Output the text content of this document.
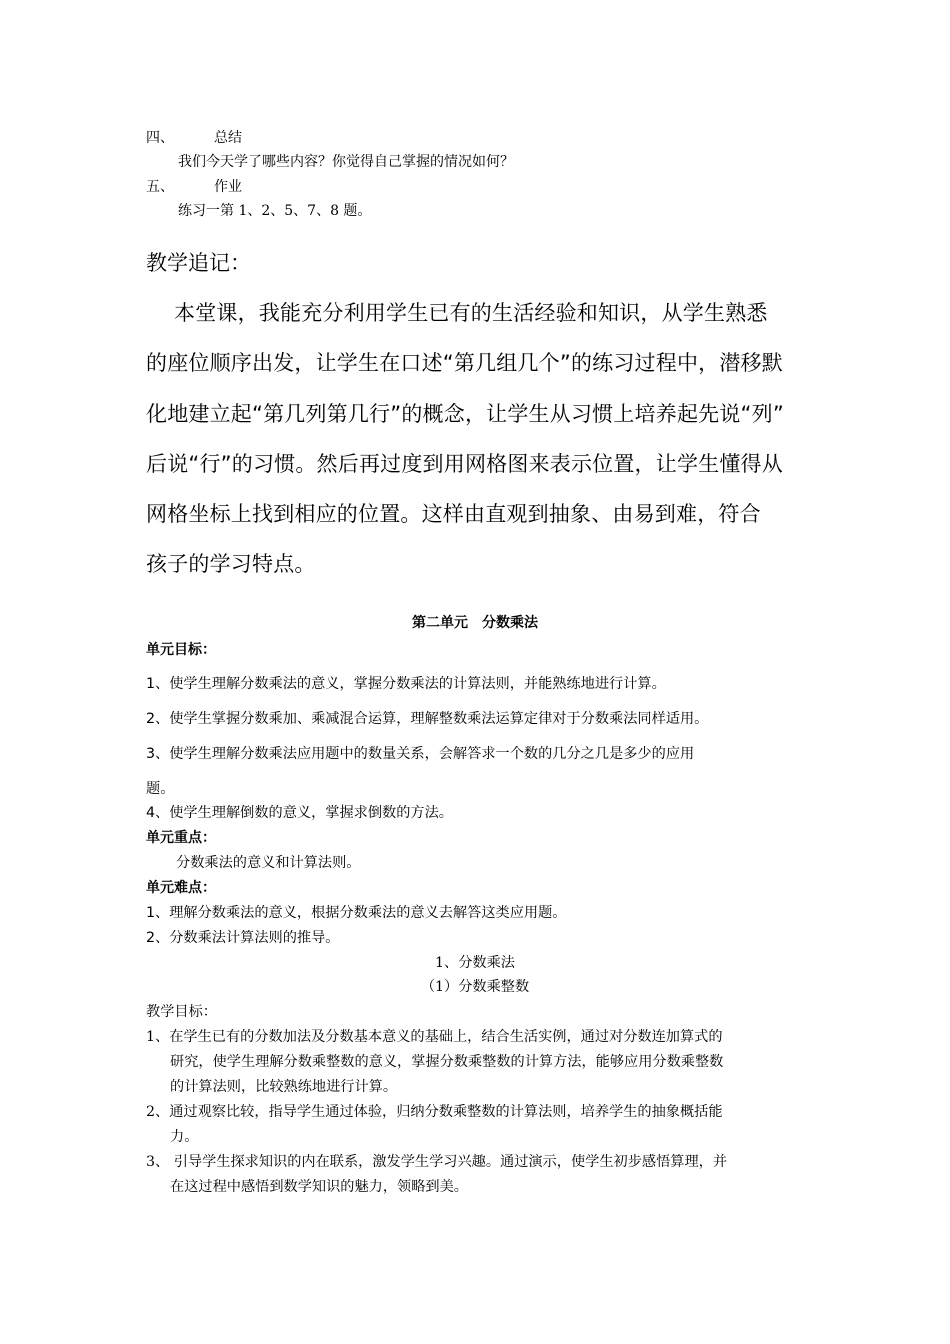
四、	总结
我们今天学了哪些内容？你觉得自己掌握的情况如何？
五、	作业
练习一第 1、2、5、7、8 题。
教学追记：
本堂课，我能充分利用学生已有的生活经验和知识，从学生熟悉
的座位顺序出发，让学生在口述“第几组几个”的练习过程中，潜移默
化地建立起“第几列第几行”的概念，让学生从习惯上培养起先说“列”
后说“行”的习惯。然后再过度到用网格图来表示位置，让学生懂得从
网格坐标上找到相应的位置。这样由直观到抽象、由易到难，符合
孩子的学习特点。
第二单元　分数乘法
单元目标：
1、使学生理解分数乘法的意义，掌握分数乘法的计算法则，并能熟练地进行计算。
2、使学生掌握分数乘加、乘减混合运算，理解整数乘法运算定律对于分数乘法同样适用。
3、使学生理解分数乘法应用题中的数量关系，会解答求一个数的几分之几是多少的应用
题。
4、使学生理解倒数的意义，掌握求倒数的方法。
单元重点：
分数乘法的意义和计算法则。
单元难点：
1、理解分数乘法的意义，根据分数乘法的意义去解答这类应用题。
2、分数乘法计算法则的推导。
1、分数乘法
（1）分数乘整数
教学目标：
1、在学生已有的分数加法及分数基本意义的基础上，结合生活实例，通过对分数连加算式的
研究，使学生理解分数乘整数的意义，掌握分数乘整数的计算方法，能够应用分数乘整数
的计算法则，比较熟练地进行计算。
2、通过观察比较，指导学生通过体验，归纳分数乘整数的计算法则，培养学生的抽象概括能
力。
3、 引导学生探求知识的内在联系，激发学生学习兴趣。通过演示，使学生初步感悟算理，并
在这过程中感悟到数学知识的魅力，领略到美。
